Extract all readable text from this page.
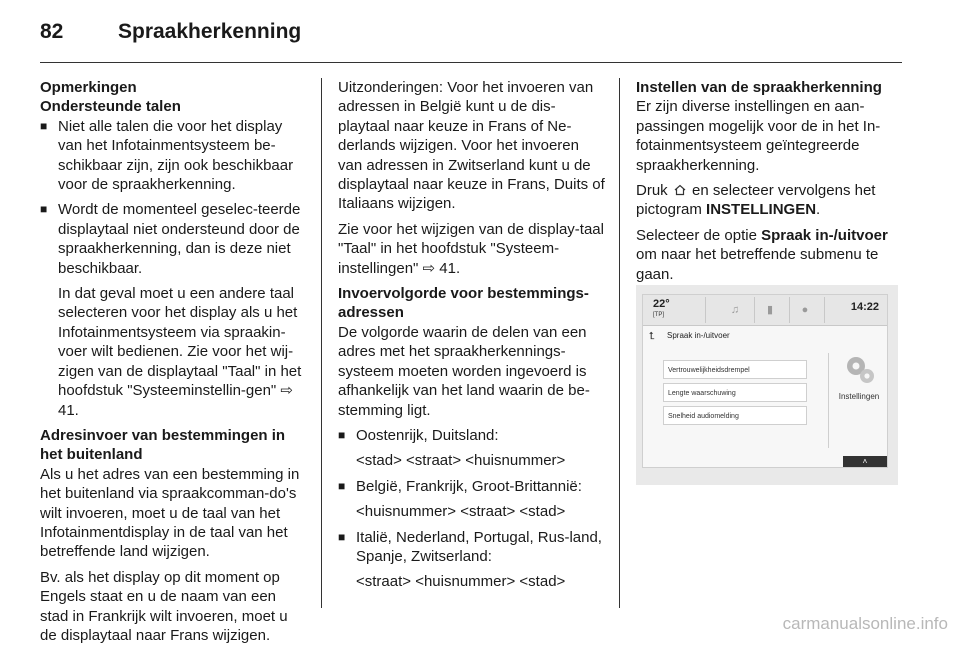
82	Spraakherkenning
Opmerkingen
Ondersteunde talen
■ Niet alle talen die voor het display van het Infotainmentsysteem be-schikbaar zijn, zijn ook beschikbaar voor de spraakherkenning.
■ Wordt de momenteel geselec-teerde displaytaal niet ondersteund door de spraakherkenning, dan is deze niet beschikbaar.
In dat geval moet u een andere taal selecteren voor het display als u het Infotainmentsysteem via spraakin-voer wilt bedienen. Zie voor het wij-zigen van de displaytaal "Taal" in het hoofdstuk "Systeeminstellin-gen" ⇨ 41.
Adresinvoer van bestemmingen in het buitenland

Als u het adres van een bestemming in het buitenland via spraakcomman-do's wilt invoeren, moet u de taal van het Infotainmentdisplay in de taal van het betreffende land wijzigen.

Bv. als het display op dit moment op Engels staat en u de naam van een stad in Frankrijk wilt invoeren, moet u de displaytaal naar Frans wijzigen.

Uitzonderingen: Voor het invoeren van adressen in België kunt u de dis-playtaal naar keuze in Frans of Ne-derlands wijzigen. Voor het invoeren van adressen in Zwitserland kunt u de displaytaal naar keuze in Frans, Duits of Italiaans wijzigen.

Zie voor het wijzigen van de display-taal "Taal" in het hoofdstuk "Systeem-instellingen" ⇨ 41.

Invoervolgorde voor bestemmings-adressen

De volgorde waarin de delen van een adres met het spraakherkennings-systeem moeten worden ingevoerd is afhankelijk van het land waarin de be-stemming ligt.

■ Oostenrijk, Duitsland:
<stad> <straat> <huisnummer>
■ België, Frankrijk, Groot-Brittannië:
<huisnummer> <straat> <stad>
■ Italië, Nederland, Portugal, Rus-land, Spanje, Zwitserland:
<straat> <huisnummer> <stad>
Instellen van de spraakherkenning

Er zijn diverse instellingen en aan-passingen mogelijk voor de in het In-fotainmentsysteem geïntegreerde spraakherkenning.

Druk en selecteer vervolgens het pictogram INSTELLINGEN.

Selecteer de optie Spraak in-/uitvoer om naar het betreffende submenu te gaan.

22°
[TP]	♫	▮	●	14:22
⮤	Spraak in-/uitvoer
Vertrouwelijkheidsdrempel
Lengte waarschuwing
Snelheid audiomelding
Instellingen
˄
carmanualsonline.info
